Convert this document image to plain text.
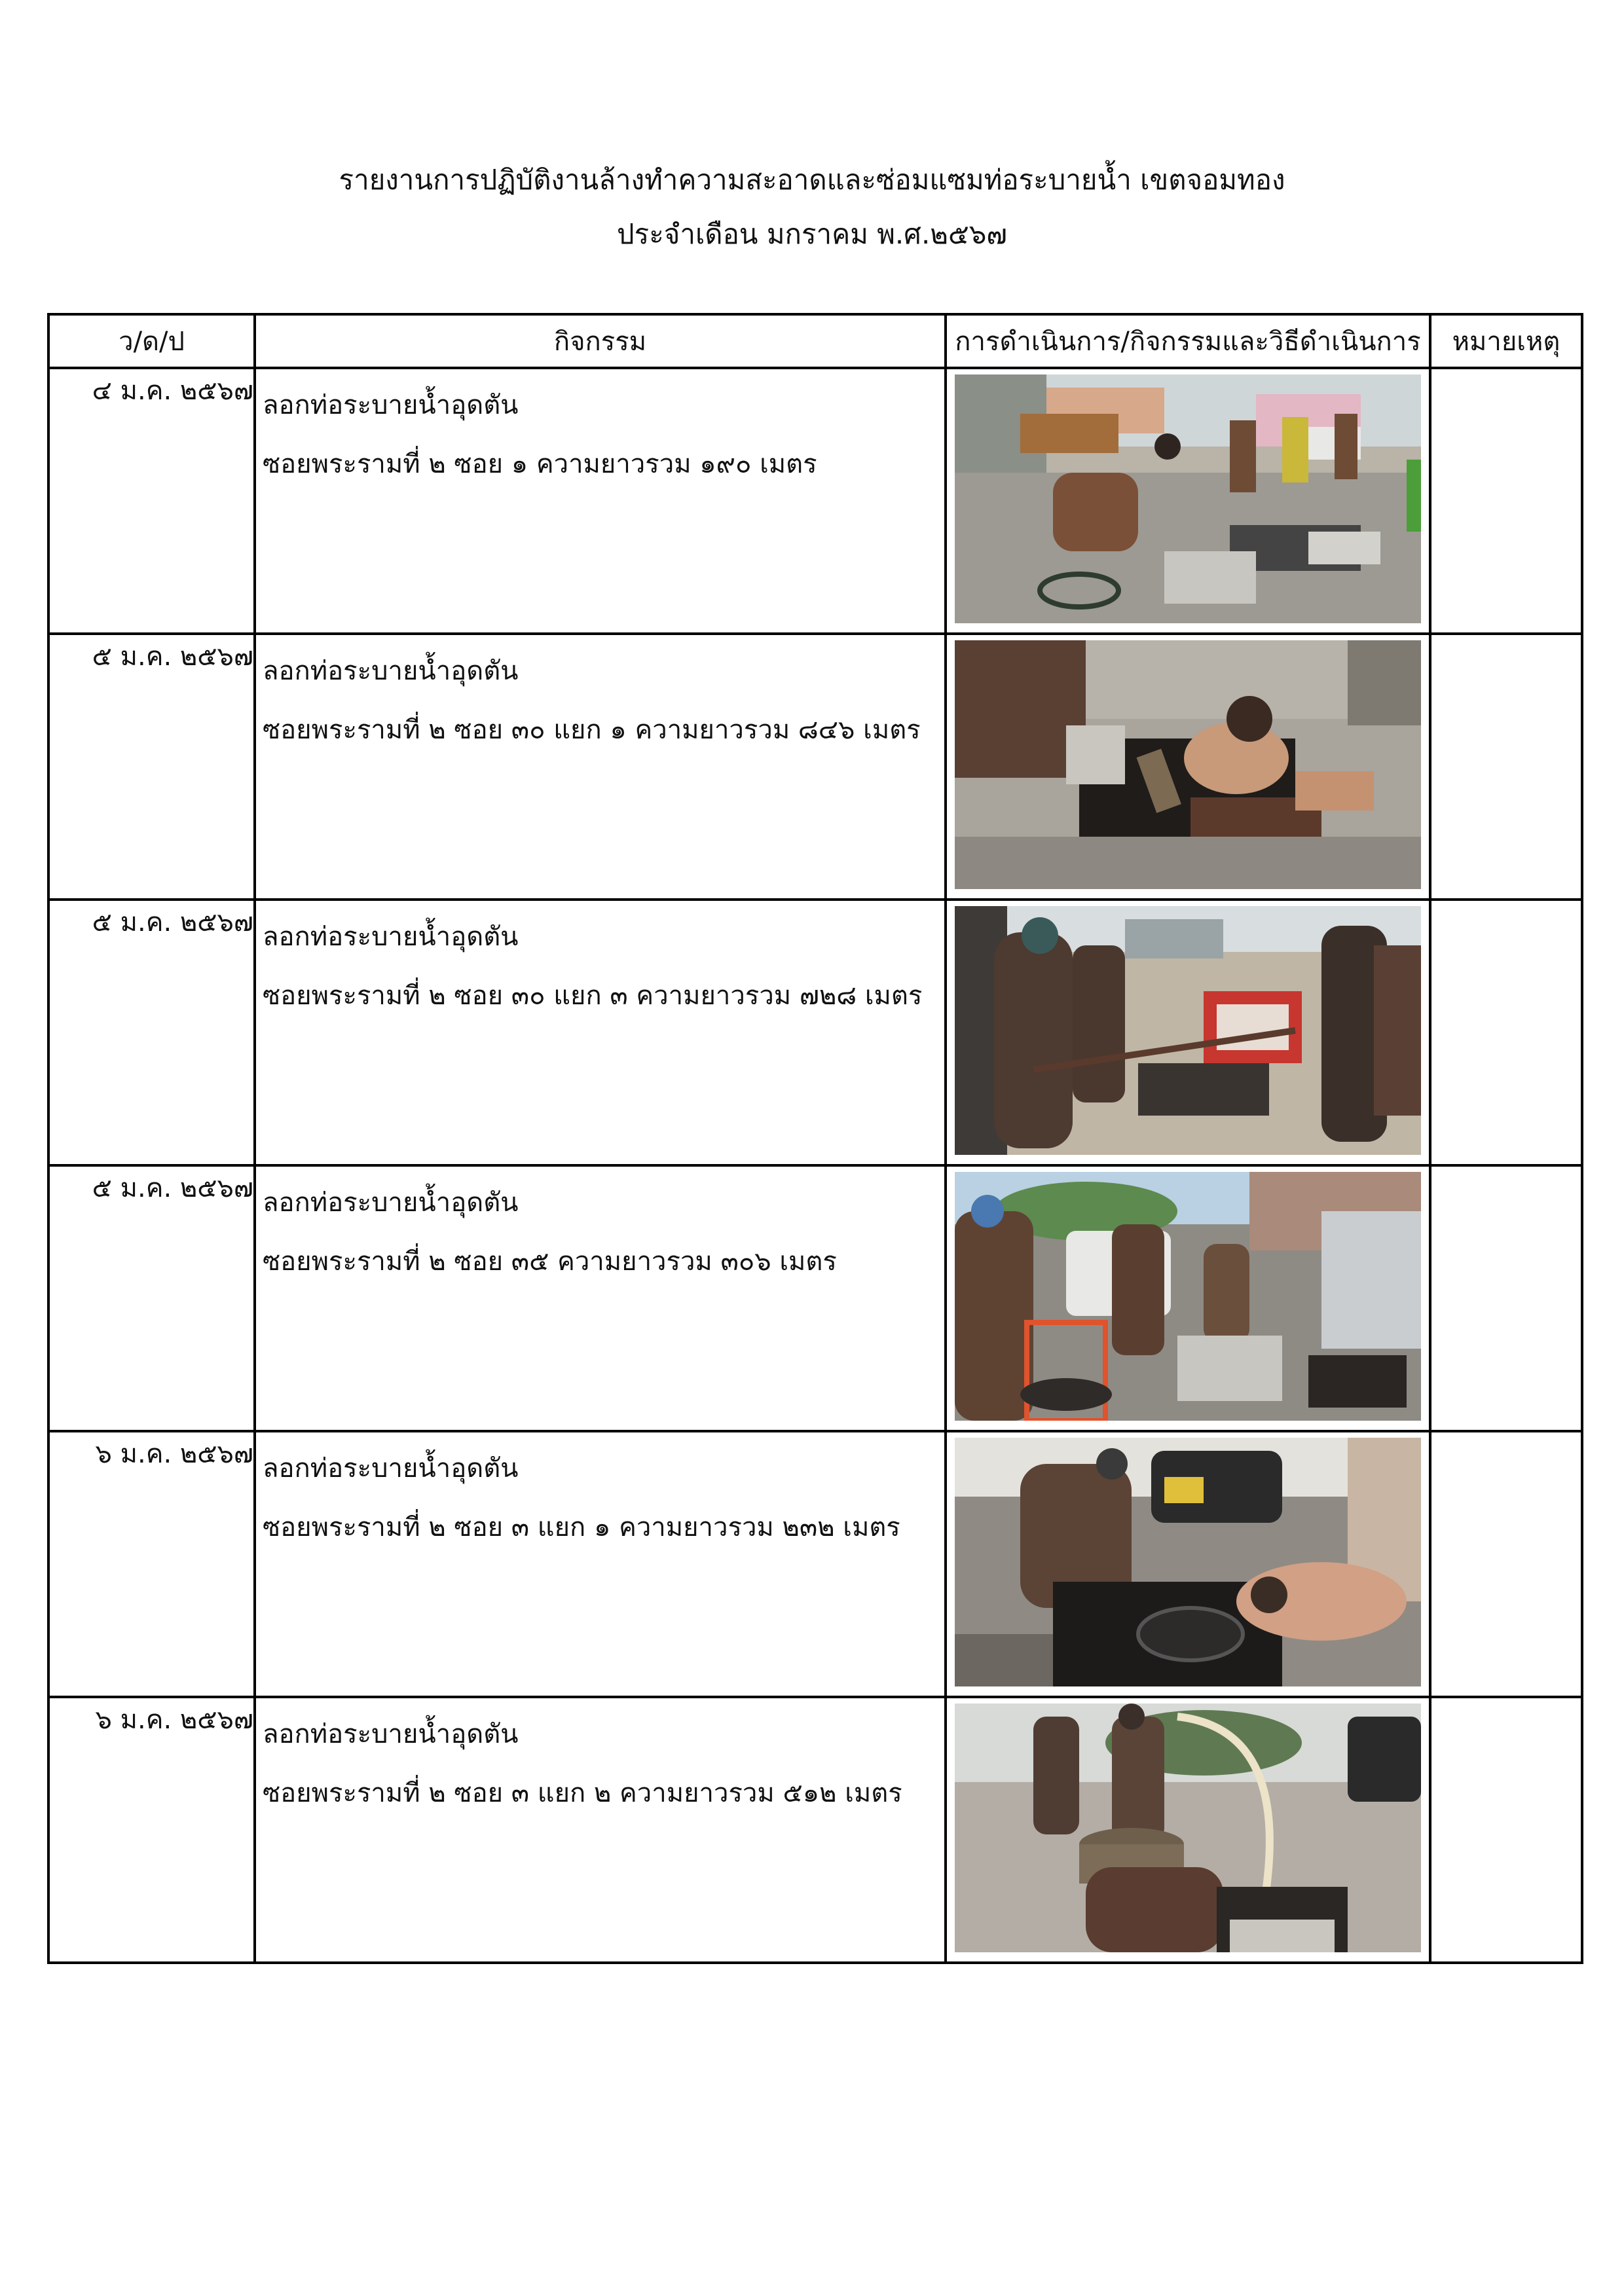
รายงานการปฏิบัติงานล้างทำความสะอาดและซ่อมแซมท่อระบายน้ำ เขตจอมทอง
ประจำเดือน มกราคม พ.ศ.๒๕๖๗
ว/ด/ป	กิจกรรม	การดำเนินการ/กิจกรรมและวิธีดำเนินการ	หมายเหตุ
๔ ม.ค. ๒๕๖๗	ลอกท่อระบายน้ำอุดตัน
ซอยพระรามที่ ๒ ซอย ๑ ความยาวรวม ๑๙๐ เมตร

๕ ม.ค. ๒๕๖๗	ลอกท่อระบายน้ำอุดตัน
ซอยพระรามที่ ๒ ซอย ๓๐ แยก ๑ ความยาวรวม ๘๔๖ เมตร

๕ ม.ค. ๒๕๖๗	ลอกท่อระบายน้ำอุดตัน
ซอยพระรามที่ ๒ ซอย ๓๐ แยก ๓ ความยาวรวม ๗๒๘ เมตร

๕ ม.ค. ๒๕๖๗	ลอกท่อระบายน้ำอุดตัน
ซอยพระรามที่ ๒ ซอย ๓๕ ความยาวรวม ๓๐๖ เมตร

๖ ม.ค. ๒๕๖๗	ลอกท่อระบายน้ำอุดตัน
ซอยพระรามที่ ๒ ซอย ๓ แยก ๑ ความยาวรวม ๒๓๒ เมตร

๖ ม.ค. ๒๕๖๗	ลอกท่อระบายน้ำอุดตัน
ซอยพระรามที่ ๒ ซอย ๓ แยก ๒ ความยาวรวม ๕๑๒ เมตร
